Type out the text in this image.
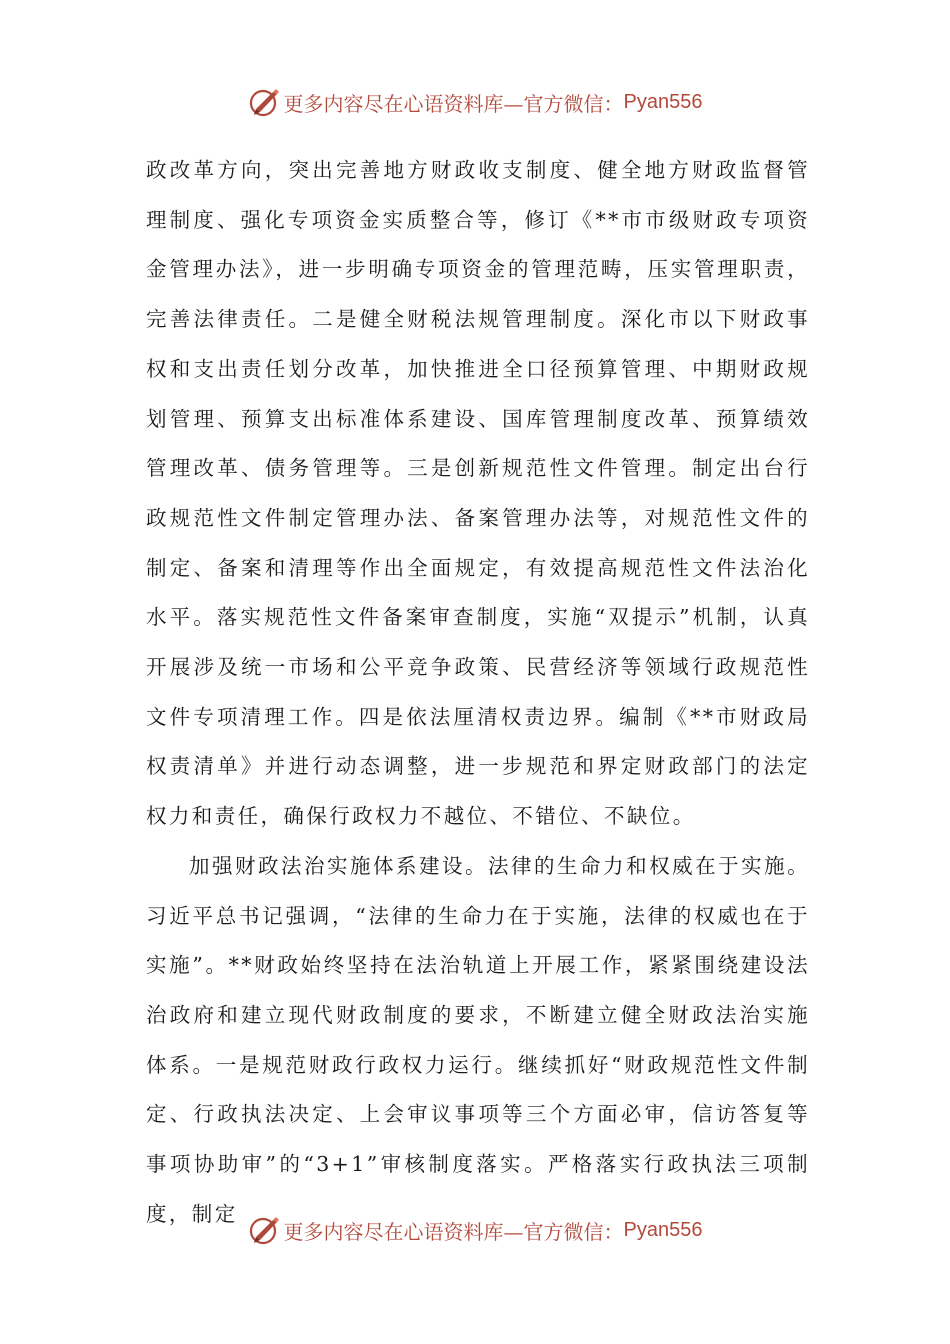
更多内容尽在心语资料库—官方微信： Pyan556

政改革方向，突出完善地方财政收支制度、健全地方财政监督管理制度、强化专项资金实质整合等，修订《**市市级财政专项资金管理办法》，进一步明确专项资金的管理范畴，压实管理职责，完善法律责任。二是健全财税法规管理制度。深化市以下财政事权和支出责任划分改革，加快推进全口径预算管理、中期财政规划管理、预算支出标准体系建设、国库管理制度改革、预算绩效管理改革、债务管理等。三是创新规范性文件管理。制定出台行政规范性文件制定管理办法、备案管理办法等，对规范性文件的制定、备案和清理等作出全面规定，有效提高规范性文件法治化水平。落实规范性文件备案审查制度，实施“双提示”机制，认真开展涉及统一市场和公平竞争政策、民营经济等领域行政规范性文件专项清理工作。四是依法厘清权责边界。编制《**市财政局权责清单》并进行动态调整，进一步规范和界定财政部门的法定权力和责任，确保行政权力不越位、不错位、不缺位。

加强财政法治实施体系建设。法律的生命力和权威在于实施。习近平总书记强调，“法律的生命力在于实施，法律的权威也在于实施”。**财政始终坚持在法治轨道上开展工作，紧紧围绕建设法治政府和建立现代财政制度的要求，不断建立健全财政法治实施体系。一是规范财政行政权力运行。继续抓好“财政规范性文件制定、行政执法决定、上会审议事项等三个方面必审，信访答复等事项协助审”的“3+1”审核制度落实。严格落实行政执法三项制度，制定

更多内容尽在心语资料库—官方微信： Pyan556
